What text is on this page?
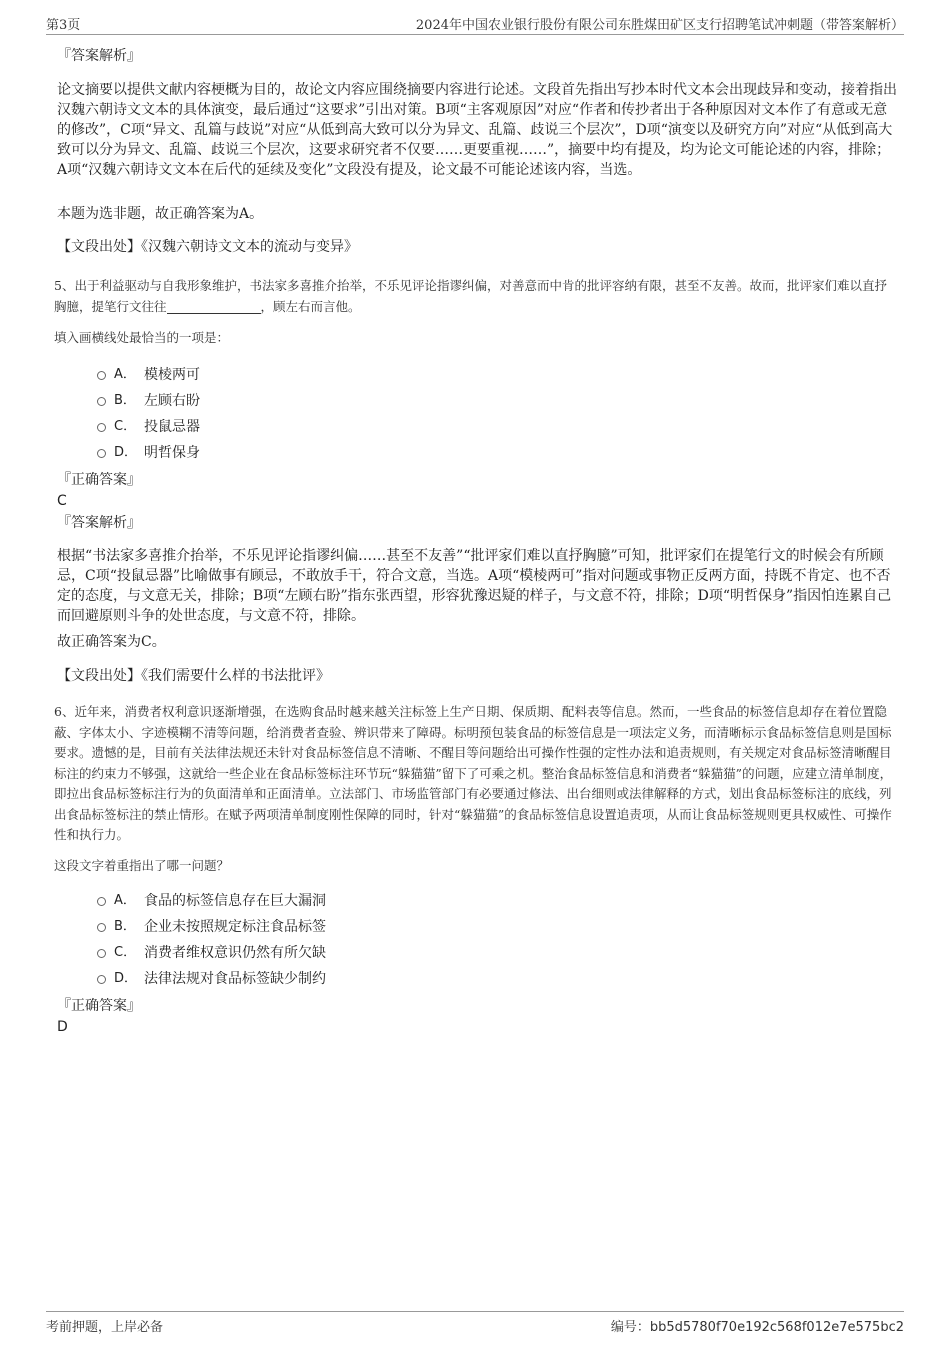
第3页	2024年中国农业银行股份有限公司东胜煤田矿区支行招聘笔试冲刺题（带答案解析）
『答案解析』

论文摘要以提供文献内容梗概为目的，故论文内容应围绕摘要内容进行论述。文段首先指出写抄本时代文本会出现歧异和变动，接着指出汉魏六朝诗文文本的具体演变，最后通过“这要求”引出对策。B项“主客观原因”对应“作者和传抄者出于各种原因对文本作了有意或无意的修改”，C项“异文、乱篇与歧说”对应“从低到高大致可以分为异文、乱篇、歧说三个层次”，D项“演变以及研究方向”对应“从低到高大致可以分为异文、乱篇、歧说三个层次，这要求研究者不仅要……更要重视……”，摘要中均有提及，均为论文可能论述的内容，排除；A项“汉魏六朝诗文文本在后代的延续及变化”文段没有提及，论文最不可能论述该内容，当选。

本题为选非题，故正确答案为A。

【文段出处】《汉魏六朝诗文文本的流动与变异》

5、出于利益驱动与自我形象维护，书法家多喜推介抬举，不乐见评论指谬纠偏，对善意而中肯的批评容纳有限，甚至不友善。故而，批评家们难以直抒胸臆，提笔行文往往	，顾左右而言他。

填入画横线处最恰当的一项是：

A． 模棱两可
B． 左顾右盼
C． 投鼠忌器
D． 明哲保身
『正确答案』
C
『答案解析』

根据“书法家多喜推介抬举，不乐见评论指谬纠偏……甚至不友善”“批评家们难以直抒胸臆”可知，批评家们在提笔行文的时候会有所顾忌，C项“投鼠忌器”比喻做事有顾忌，不敢放手干，符合文意，当选。A项“模棱两可”指对问题或事物正反两方面，持既不肯定、也不否定的态度，与文意无关，排除；B项“左顾右盼”指东张西望，形容犹豫迟疑的样子，与文意不符，排除；D项“明哲保身”指因怕连累自己而回避原则斗争的处世态度，与文意不符，排除。

故正确答案为C。

【文段出处】《我们需要什么样的书法批评》

6、近年来，消费者权利意识逐渐增强，在选购食品时越来越关注标签上生产日期、保质期、配料表等信息。然而，一些食品的标签信息却存在着位置隐蔽、字体太小、字迹模糊不清等问题，给消费者查验、辨识带来了障碍。标明预包装食品的标签信息是一项法定义务，而清晰标示食品标签信息则是国标要求。遗憾的是，目前有关法律法规还未针对食品标签信息不清晰、不醒目等问题给出可操作性强的定性办法和追责规则，有关规定对食品标签清晰醒目标注的约束力不够强，这就给一些企业在食品标签标注环节玩“躲猫猫”留下了可乘之机。整治食品标签信息和消费者“躲猫猫”的问题，应建立清单制度，即拉出食品标签标注行为的负面清单和正面清单。立法部门、市场监管部门有必要通过修法、出台细则或法律解释的方式，划出食品标签标注的底线，列出食品标签标注的禁止情形。在赋予两项清单制度刚性保障的同时，针对“躲猫猫”的食品标签信息设置追责项，从而让食品标签规则更具权威性、可操作性和执行力。

这段文字着重指出了哪一问题？

A． 食品的标签信息存在巨大漏洞
B． 企业未按照规定标注食品标签
C． 消费者维权意识仍然有所欠缺
D． 法律法规对食品标签缺少制约
『正确答案』
D
考前押题，上岸必备	编号：bb5d5780f70e192c568f012e7e575bc2
